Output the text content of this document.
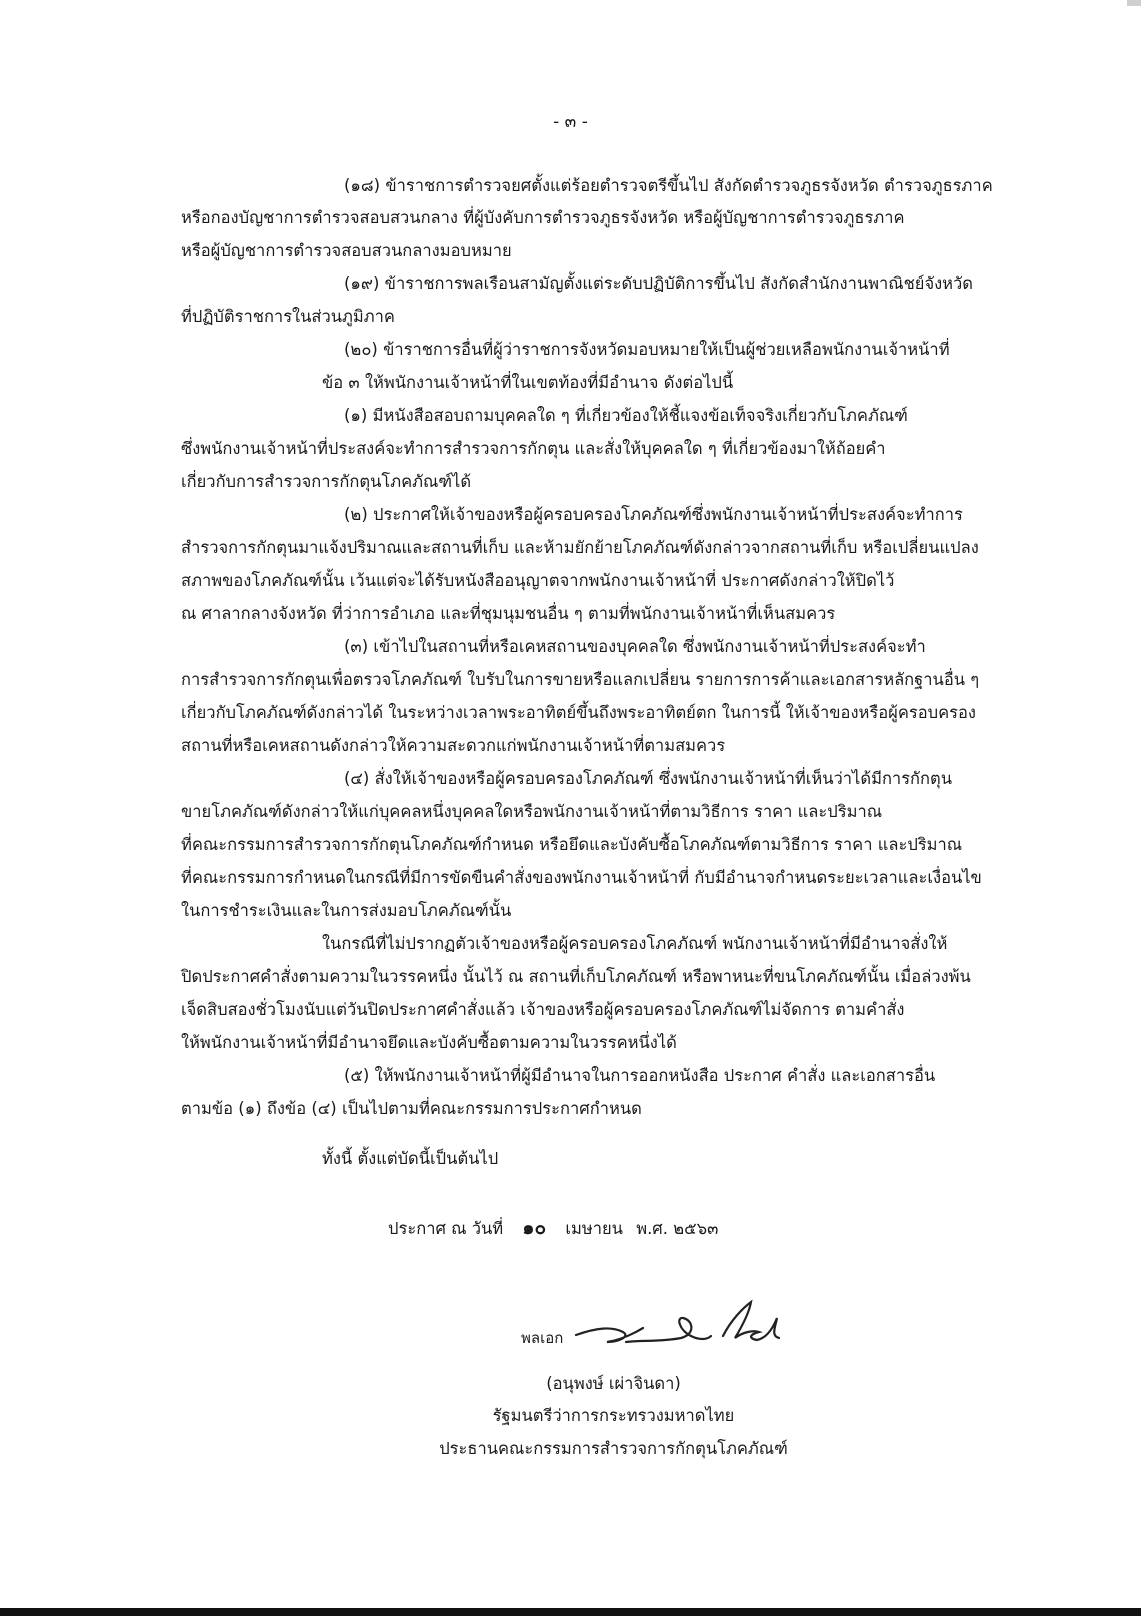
- ๓ -
(๑๘) ข้าราชการตำรวจยศตั้งแต่ร้อยตำรวจตรีขึ้นไป สังกัดตำรวจภูธรจังหวัด ตำรวจภูธรภาค
หรือกองบัญชาการตำรวจสอบสวนกลาง ที่ผู้บังคับการตำรวจภูธรจังหวัด หรือผู้บัญชาการตำรวจภูธรภาค
หรือผู้บัญชาการตำรวจสอบสวนกลางมอบหมาย
(๑๙) ข้าราชการพลเรือนสามัญตั้งแต่ระดับปฏิบัติการขึ้นไป สังกัดสำนักงานพาณิชย์จังหวัด
ที่ปฏิบัติราชการในส่วนภูมิภาค
(๒๐) ข้าราชการอื่นที่ผู้ว่าราชการจังหวัดมอบหมายให้เป็นผู้ช่วยเหลือพนักงานเจ้าหน้าที่
ข้อ ๓ ให้พนักงานเจ้าหน้าที่ในเขตท้องที่มีอำนาจ ดังต่อไปนี้
(๑) มีหนังสือสอบถามบุคคลใด ๆ ที่เกี่ยวข้องให้ชี้แจงข้อเท็จจริงเกี่ยวกับโภคภัณฑ์
ซึ่งพนักงานเจ้าหน้าที่ประสงค์จะทำการสำรวจการกักตุน และสั่งให้บุคคลใด ๆ ที่เกี่ยวข้องมาให้ถ้อยคำ
เกี่ยวกับการสำรวจการกักตุนโภคภัณฑ์ได้
(๒) ประกาศให้เจ้าของหรือผู้ครอบครองโภคภัณฑ์ซึ่งพนักงานเจ้าหน้าที่ประสงค์จะทำการ
สำรวจการกักตุนมาแจ้งปริมาณและสถานที่เก็บ และห้ามยักย้ายโภคภัณฑ์ดังกล่าวจากสถานที่เก็บ หรือเปลี่ยนแปลง
สภาพของโภคภัณฑ์นั้น เว้นแต่จะได้รับหนังสืออนุญาตจากพนักงานเจ้าหน้าที่ ประกาศดังกล่าวให้ปิดไว้
ณ ศาลากลางจังหวัด ที่ว่าการอำเภอ และที่ชุมนุมชนอื่น ๆ ตามที่พนักงานเจ้าหน้าที่เห็นสมควร
(๓) เข้าไปในสถานที่หรือเคหสถานของบุคคลใด ซึ่งพนักงานเจ้าหน้าที่ประสงค์จะทำ
การสำรวจการกักตุนเพื่อตรวจโภคภัณฑ์ ใบรับในการขายหรือแลกเปลี่ยน รายการการค้าและเอกสารหลักฐานอื่น ๆ
เกี่ยวกับโภคภัณฑ์ดังกล่าวได้ ในระหว่างเวลาพระอาทิตย์ขึ้นถึงพระอาทิตย์ตก ในการนี้ ให้เจ้าของหรือผู้ครอบครอง
สถานที่หรือเคหสถานดังกล่าวให้ความสะดวกแก่พนักงานเจ้าหน้าที่ตามสมควร
(๔) สั่งให้เจ้าของหรือผู้ครอบครองโภคภัณฑ์ ซึ่งพนักงานเจ้าหน้าที่เห็นว่าได้มีการกักตุน
ขายโภคภัณฑ์ดังกล่าวให้แก่บุคคลหนึ่งบุคคลใดหรือพนักงานเจ้าหน้าที่ตามวิธีการ ราคา และปริมาณ
ที่คณะกรรมการสำรวจการกักตุนโภคภัณฑ์กำหนด หรือยึดและบังคับซื้อโภคภัณฑ์ตามวิธีการ ราคา และปริมาณ
ที่คณะกรรมการกำหนดในกรณีที่มีการขัดขืนคำสั่งของพนักงานเจ้าหน้าที่ กับมีอำนาจกำหนดระยะเวลาและเงื่อนไข
ในการชำระเงินและในการส่งมอบโภคภัณฑ์นั้น
ในกรณีที่ไม่ปรากฏตัวเจ้าของหรือผู้ครอบครองโภคภัณฑ์ พนักงานเจ้าหน้าที่มีอำนาจสั่งให้
ปิดประกาศคำสั่งตามความในวรรคหนึ่ง นั้นไว้ ณ สถานที่เก็บโภคภัณฑ์ หรือพาหนะที่ขนโภคภัณฑ์นั้น เมื่อล่วงพ้น
เจ็ดสิบสองชั่วโมงนับแต่วันปิดประกาศคำสั่งแล้ว เจ้าของหรือผู้ครอบครองโภคภัณฑ์ไม่จัดการ ตามคำสั่ง
ให้พนักงานเจ้าหน้าที่มีอำนาจยึดและบังคับซื้อตามความในวรรคหนึ่งได้
(๕) ให้พนักงานเจ้าหน้าที่ผู้มีอำนาจในการออกหนังสือ ประกาศ คำสั่ง และเอกสารอื่น
ตามข้อ (๑) ถึงข้อ (๔) เป็นไปตามที่คณะกรรมการประกาศกำหนด
ทั้งนี้ ตั้งแต่บัดนี้เป็นต้นไป
ประกาศ ณ วันที่ ๑๐ เมษายน พ.ศ. ๒๕๖๓
พลเอก
(อนุพงษ์ เผ่าจินดา)
รัฐมนตรีว่าการกระทรวงมหาดไทย
ประธานคณะกรรมการสำรวจการกักตุนโภคภัณฑ์
